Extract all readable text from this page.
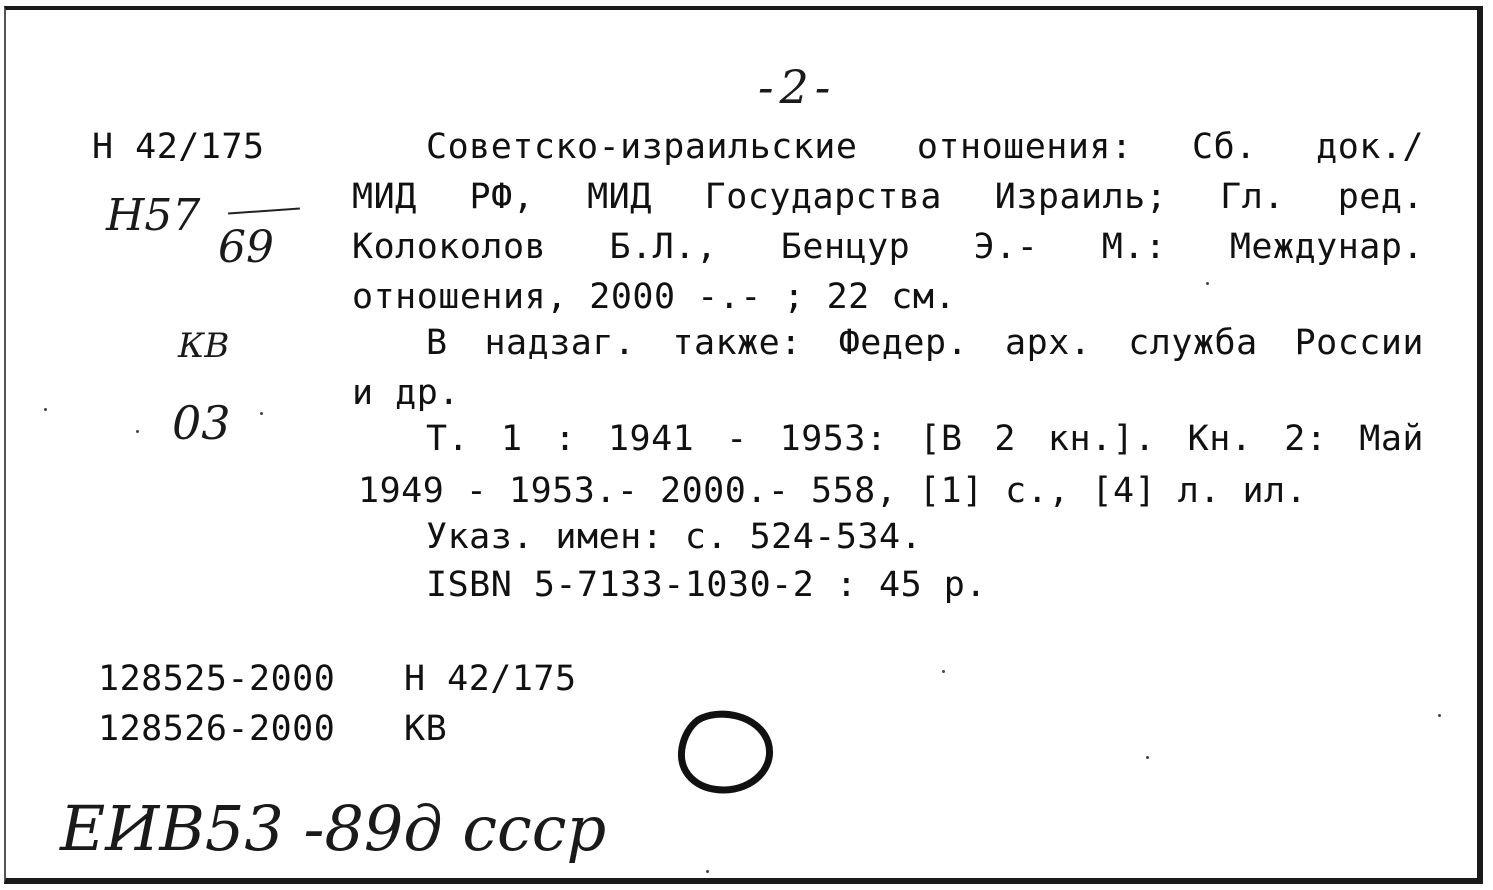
-2-
Н 42/175
Н57
69
КВ
03
Советско-израильские отношения: Сб. док./
МИД РФ, МИД Государства Израиль; Гл. ред.
Колоколов Б.Л., Бенцур Э.- М.: Междунар.
отношения, 2000 -.- ; 22 см.
В надзаг. также: Федер. арх. служба России
и др.
Т. 1 : 1941 - 1953: [В 2 кн.]. Кн. 2: Май
1949 - 1953.- 2000.- 558, [1] с., [4] л. ил.
Указ. имен: с. 524-534.
ISBN 5-7133-1030-2 : 45 р.
128525-2000 Н 42/175
128526-2000 КВ
ЕИВ53 -89д ссср
